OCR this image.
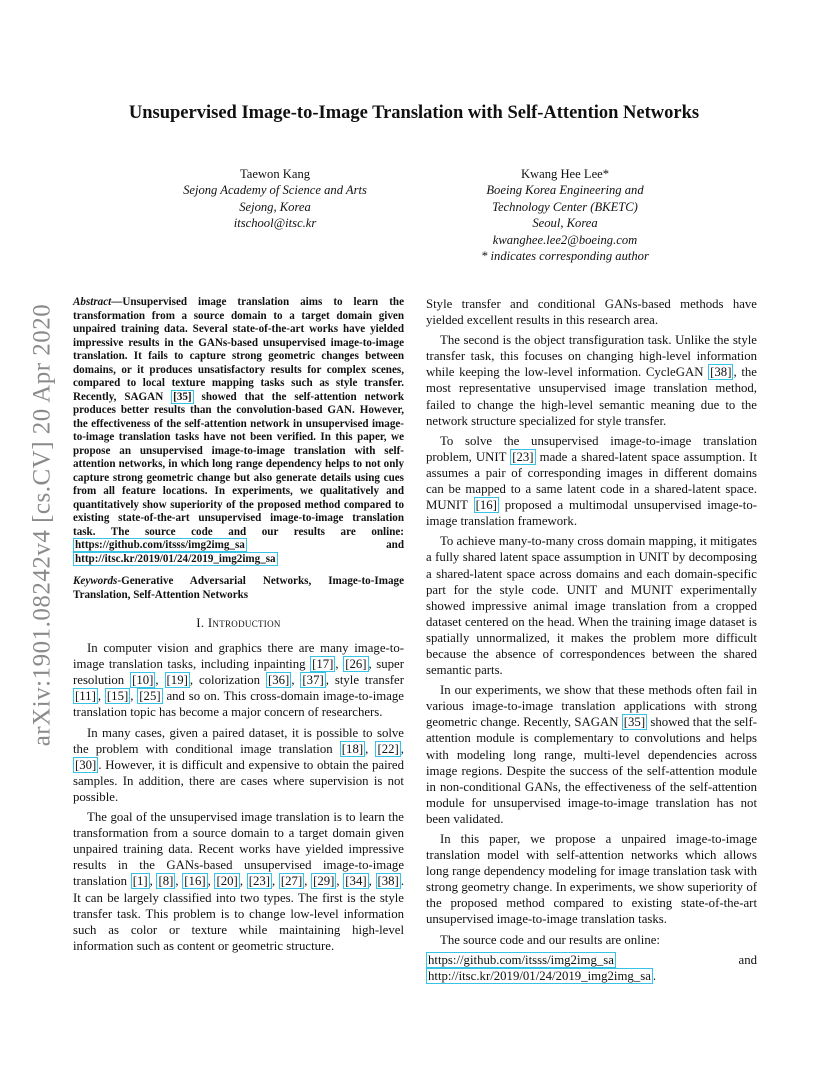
arXiv:1901.08242v4 [cs.CV] 20 Apr 2020
Unsupervised Image-to-Image Translation with Self-Attention Networks
Taewon Kang
Sejong Academy of Science and Arts
Sejong, Korea
itschool@itsc.kr
Kwang Hee Lee*
Boeing Korea Engineering and
Technology Center (BKETC)
Seoul, Korea
kwanghee.lee2@boeing.com
* indicates corresponding author

Abstract—Unsupervised image translation aims to learn the transformation from a source domain to a target domain given unpaired training data. Several state-of-the-art works have yielded impressive results in the GANs-based unsupervised image-to-image translation. It fails to capture strong geometric changes between domains, or it produces unsatisfactory results for complex scenes, compared to local texture mapping tasks such as style transfer. Recently, SAGAN [35] showed that the self-attention network produces better results than the convolution-based GAN. However, the effectiveness of the self-attention network in unsupervised image-to-image translation tasks have not been verified. In this paper, we propose an unsupervised image-to-image translation with self-attention networks, in which long range dependency helps to not only capture strong geometric change but also generate details using cues from all feature locations. In experiments, we qualitatively and quantitatively show superiority of the proposed method compared to existing state-of-the-art unsupervised image-to-image translation task. The source code and our results are online: https://github.com/itsss/img2img_sa and http://itsc.kr/2019/01/24/2019_img2img_sa

Keywords-Generative Adversarial Networks, Image-to-Image Translation, Self-Attention Networks

I. Introduction

In computer vision and graphics there are many image-to-image translation tasks, including inpainting [17] , [26] , super resolution [10] , [19] , colorization [36] , [37] , style transfer [11] , [15] , [25] and so on. This cross-domain image-to-image translation topic has become a major concern of researchers.

In many cases, given a paired dataset, it is possible to solve the problem with conditional image translation [18] , [22] , [30] . However, it is difficult and expensive to obtain the paired samples. In addition, there are cases where supervision is not possible.

The goal of the unsupervised image translation is to learn the transformation from a source domain to a target domain given unpaired training data. Recent works have yielded impressive results in the GANs-based unsupervised image-to-image translation [1] , [8] , [16] , [20] , [23] , [27] , [29] , [34] , [38] . It can be largely classified into two types. The first is the style transfer task. This problem is to change low-level information such as color or texture while maintaining high-level information such as content or geometric structure.

Style transfer and conditional GANs-based methods have yielded excellent results in this research area.

The second is the object transfiguration task. Unlike the style transfer task, this focuses on changing high-level information while keeping the low-level information. CycleGAN [38] , the most representative unsupervised image translation method, failed to change the high-level semantic meaning due to the network structure specialized for style transfer.

To solve the unsupervised image-to-image translation problem, UNIT [23] made a shared-latent space assumption. It assumes a pair of corresponding images in different domains can be mapped to a same latent code in a shared-latent space. MUNIT [16] proposed a multimodal unsupervised image-to-image translation framework.

To achieve many-to-many cross domain mapping, it mitigates a fully shared latent space assumption in UNIT by decomposing a shared-latent space across domains and each domain-specific part for the style code. UNIT and MUNIT experimentally showed impressive animal image translation from a cropped dataset centered on the head. When the training image dataset is spatially unnormalized, it makes the problem more difficult because the absence of correspondences between the shared semantic parts.

In our experiments, we show that these methods often fail in various image-to-image translation applications with strong geometric change. Recently, SAGAN [35] showed that the self-attention module is complementary to convolutions and helps with modeling long range, multi-level dependencies across image regions. Despite the success of the self-attention module in non-conditional GANs, the effectiveness of the self-attention module for unsupervised image-to-image translation has not been validated.

In this paper, we propose a unpaired image-to-image translation model with self-attention networks which allows long range dependency modeling for image translation task with strong geometry change. In experiments, we show superiority of the proposed method compared to existing state-of-the-art unsupervised image-to-image translation tasks.

The source code and our results are online:

https://github.com/itsss/img2img_sa and http://itsc.kr/2019/01/24/2019_img2img_sa .
